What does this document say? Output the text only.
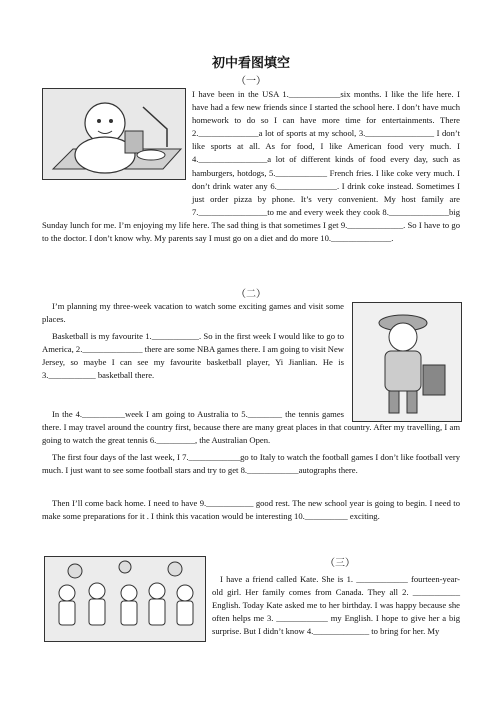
初中看图填空
（一）

I have been in the USA 1.____________six months. I like the life here. I have had a few new friends since I started the school here. I don’t have much homework to do so I can have more time for entertainments. There 2.______________a lot of sports at my school, 3.________________ I don’t like sports at all. As for food, I like American food very much. I 4.________________a lot of different kinds of food every day, such as hamburgers, hotdogs, 5.____________ French fries. I like coke very much. I don’t drink water any 6.______________. I drink coke instead. Sometimes I just order pizza by phone. It’s very convenient. My host family are 7.________________to me and every week they cook 8.______________big Sunday lunch for me. I’m enjoying my life here. The sad thing is that sometimes I get 9._____________. So I have to go to the doctor. I don’t know why. My parents say I must go on a diet and do more 10.______________.

（二）

I’m planning my three-week vacation to watch some exciting games and visit some places.

Basketball is my favourite 1.___________. So in the first week I would like to go to America, 2.______________ there are some NBA games there. I am going to visit New Jersey, so maybe I can see my favourite basketball player, Yi Jianlian. He is 3.___________ basketball there.

In the 4.__________week I am going to Australia to 5.________ the tennis games there. I may travel around the country first, because there are many great places in that country. After my travelling, I am going to watch the great tennis 6._________, the Australian Open.

The first four days of the last week, I 7.____________go to Italy to watch the football games I don’t like football very much. I just want to see some football stars and try to get 8.____________autographs there.

Then I’ll come back home. I need to have 9.___________ good rest. The new school year is going to begin. I need to make some preparations for it . I think this vacation would be interesting 10.__________ exciting.

（三）

I have a friend called Kate. She is 1. ____________ fourteen-year-old girl. Her family comes from Canada. They all 2. ___________ English. Today Kate asked me to her birthday. I was happy because she often helps me 3. ____________ my English. I hope to give her a big surprise. But I didn’t know 4._____________ to bring for her. My
